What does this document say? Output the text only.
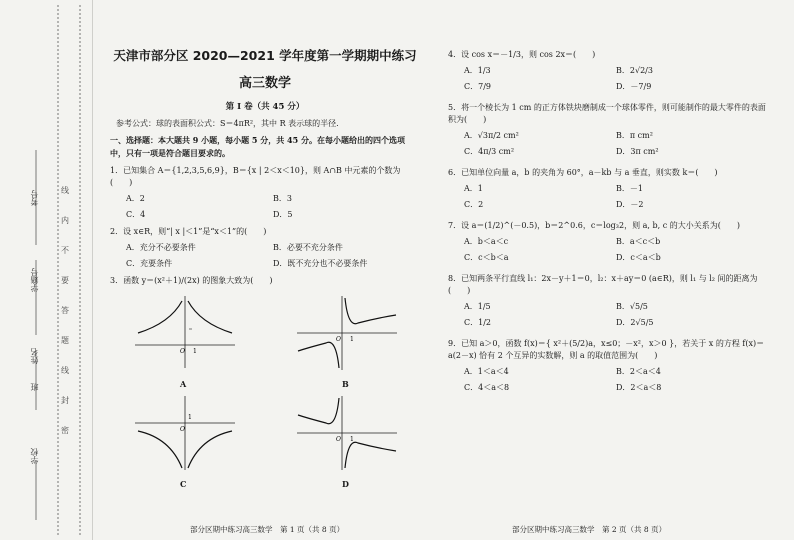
考号
学籍号
姓名
班
学校
线
内
不
要
答
题
线
封
密
天津市部分区 2020—2021 学年度第一学期期中练习
高三数学
第 I 卷（共 45 分）
参考公式：球的表面积公式：S＝4πR²，其中 R 表示球的半径.
一、选择题：本大题共 9 小题，每小题 5 分，共 45 分。在每小题给出的四个选项中，只有一项是符合题目要求的。
1．已知集合 A＝{1,2,3,5,6,9}，B＝{x | 2＜x＜10}，则 A∩B 中元素的个数为(　　)
A．2	B．3
C．4	D．5
2．设 x∈R，则“| x |＜1”是“x＜1”的(　　)
A．充分不必要条件	B．必要不充分条件
C．充要条件	D．既不充分也不必要条件
3．函数 y＝(x²＋1)/(2x) 的图象大致为(　　)
O 1
A
O 1
B
O
1
C
O 1
D
部分区期中练习高三数学　第 1 页（共 8 页）
4．设 cos x＝－1/3，则 cos 2x＝(　　)
A．1/3	B．2√2/3
C．7/9	D．－7/9
5．将一个棱长为 1 cm 的正方体铁块磨制成一个球体零件，则可能制作的最大零件的表面积为(　　)
A．√3π/2 cm²	B．π cm²
C．4π/3 cm²	D．3π cm²
6．已知单位向量 a，b 的夹角为 60°，a－kb 与 a 垂直，则实数 k＝(　　)
A．1	B．－1
C．2	D．－2
7．设 a＝(1/2)^(－0.5)，b＝2^0.6，c＝log₃2，则 a, b, c 的大小关系为(　　)
A．b＜a＜c	B．a＜c＜b
C．c＜b＜a	D．c＜a＜b
8．已知两条平行直线 l₁：2x－y＋1＝0，l₂：x＋ay＝0 (a∈R)，则 l₁ 与 l₂ 间的距离为(　　)
A．1/5	B．√5/5
C．1/2	D．2√5/5
9．已知 a＞0，函数 f(x)＝{ x²＋(5/2)a，x≤0；－x²，x＞0 }，若关于 x 的方程 f(x)＝a(2－x) 恰有 2 个互异的实数解，则 a 的取值范围为(　　)
A．1＜a＜4	B．2＜a＜4
C．4＜a＜8	D．2＜a＜8
部分区期中练习高三数学　第 2 页（共 8 页）
